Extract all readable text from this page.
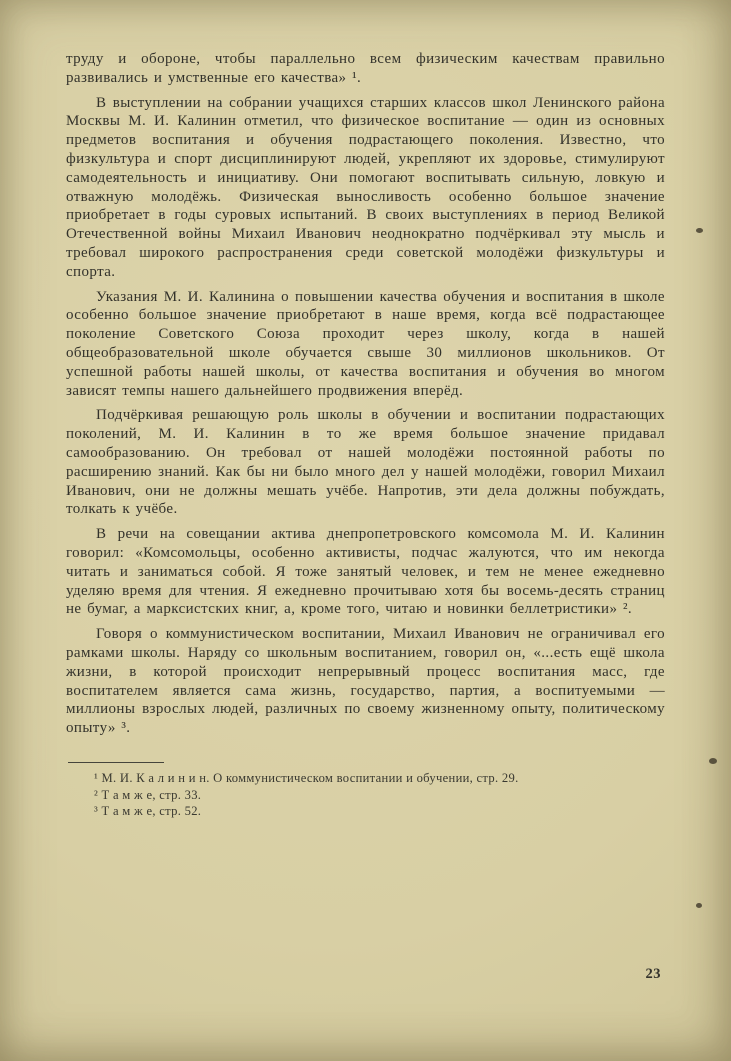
труду и обороне, чтобы параллельно всем физическим качествам правильно развивались и умственные его качества» ¹.

В выступлении на собрании учащихся старших классов школ Ленинского района Москвы М. И. Калинин отметил, что физическое воспитание — один из основных предметов воспитания и обучения подрастающего поколения. Известно, что физкультура и спорт дисциплинируют людей, укрепляют их здоровье, стимулируют самодеятельность и инициативу. Они помогают воспитывать сильную, ловкую и отважную молодёжь. Физическая выносливость особенно большое значение приобретает в годы суровых испытаний. В своих выступлениях в период Великой Отечественной войны Михаил Иванович неоднократно подчёркивал эту мысль и требовал широкого распространения среди советской молодёжи физкультуры и спорта.

Указания М. И. Калинина о повышении качества обучения и воспитания в школе особенно большое значение приобретают в наше время, когда всё подрастающее поколение Советского Союза проходит через школу, когда в нашей общеобразовательной школе обучается свыше 30 миллионов школьников. От успешной работы нашей школы, от качества воспитания и обучения во многом зависят темпы нашего дальнейшего продвижения вперёд.

Подчёркивая решающую роль школы в обучении и воспитании подрастающих поколений, М. И. Калинин в то же время большое значение придавал самообразованию. Он требовал от нашей молодёжи постоянной работы по расширению знаний. Как бы ни было много дел у нашей молодёжи, говорил Михаил Иванович, они не должны мешать учёбе. Напротив, эти дела должны побуждать, толкать к учёбе.

В речи на совещании актива днепропетровского комсомола М. И. Калинин говорил: «Комсомольцы, особенно активисты, подчас жалуются, что им некогда читать и заниматься собой. Я тоже занятый человек, и тем не менее ежедневно уделяю время для чтения. Я ежедневно прочитываю хотя бы восемь-десять страниц не бумаг, а марксистских книг, а, кроме того, читаю и новинки беллетристики» ².

Говоря о коммунистическом воспитании, Михаил Иванович не ограничивал его рамками школы. Наряду со школьным воспитанием, говорил он, «...есть ещё школа жизни, в которой происходит непрерывный процесс воспитания масс, где воспитателем является сама жизнь, государство, партия, а воспитуемыми — миллионы взрослых людей, различных по своему жизненному опыту, политическому опыту» ³.

¹ М. И. К а л и н и н. О коммунистическом воспитании и обучении, стр. 29.

² Т а м ж е, стр. 33.

³ Т а м ж е, стр. 52.

23
